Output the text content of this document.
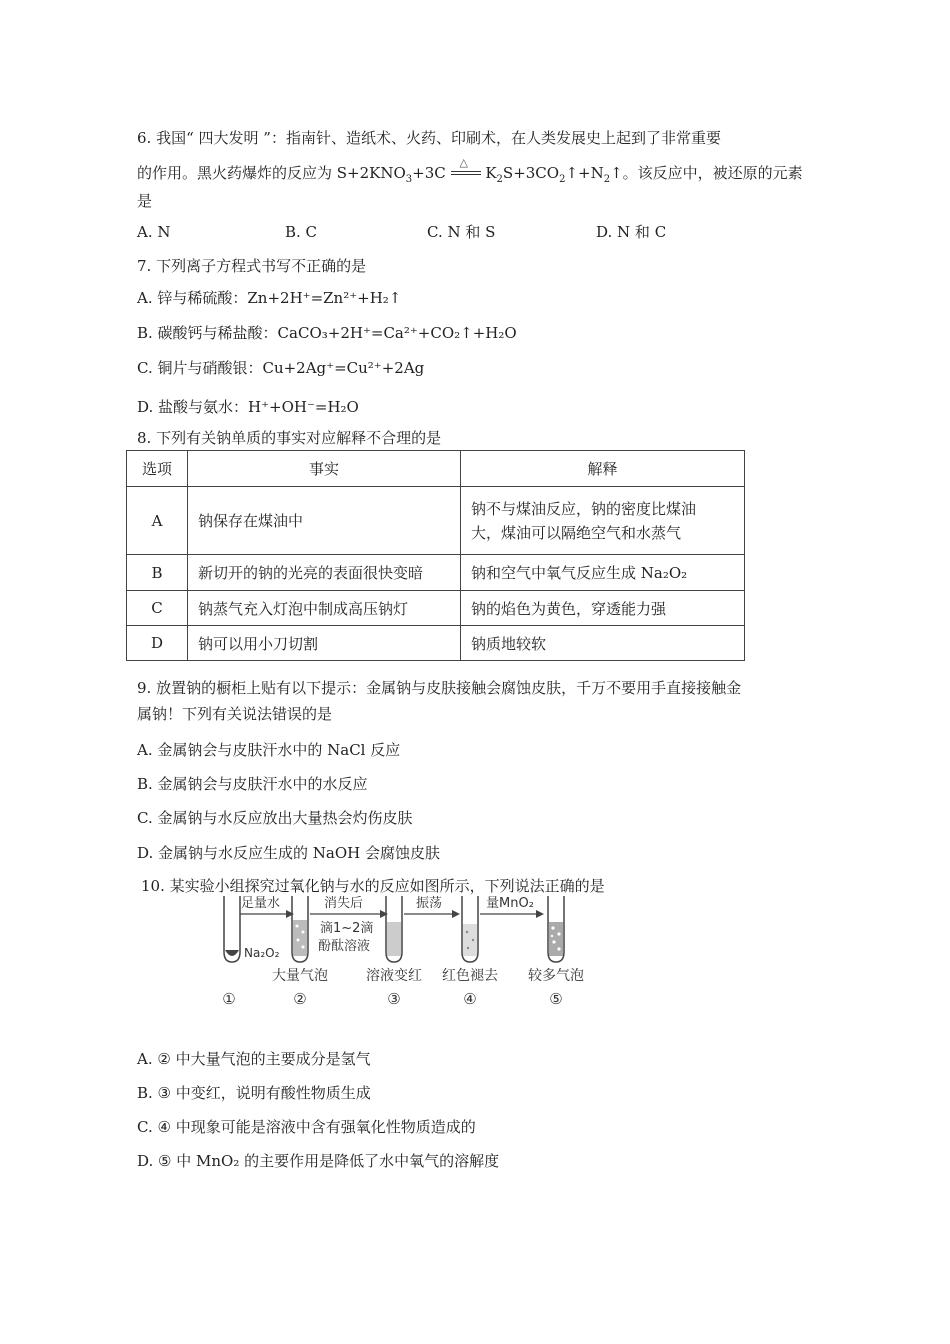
6. 我国“ 四大发明 ”：指南针、造纸术、火药、印刷术，在人类发展史上起到了非常重要
的作用。黑火药爆炸的反应为 $S+2KNO_3+3C$
△
$K_2S+3CO_2↑+N_2↑$。该反应中，被还原的元素
是
A. N	B. C	C. N 和 S	D. N 和 C
7. 下列离子方程式书写不正确的是
A. 锌与稀硫酸：Zn+2H⁺=Zn²⁺+H₂↑
B. 碳酸钙与稀盐酸：CaCO₃+2H⁺=Ca²⁺+CO₂↑+H₂O
C. 铜片与硝酸银：Cu+2Ag⁺=Cu²⁺+2Ag
D. 盐酸与氨水：H⁺+OH⁻=H₂O
8. 下列有关钠单质的事实对应解释不合理的是
选项	事实	解释
A	钠保存在煤油中	钠不与煤油反应，钠的密度比煤油
大，煤油可以隔绝空气和水蒸气

B	新切开的钠的光亮的表面很快变暗	钠和空气中氧气反应生成 Na₂O₂
C	钠蒸气充入灯泡中制成高压钠灯	钠的焰色为黄色，穿透能力强
D	钠可以用小刀切割	钠质地较软
9. 放置钠的橱柜上贴有以下提示：金属钠与皮肤接触会腐蚀皮肤，千万不要用手直接接触金
属钠！下列有关说法错误的是
A. 金属钠会与皮肤汗水中的 NaCl 反应
B. 金属钠会与皮肤汗水中的水反应
C. 金属钠与水反应放出大量热会灼伤皮肤
D. 金属钠与水反应生成的 NaOH 会腐蚀皮肤
10. 某实验小组探究过氧化钠与水的反应如图所示，下列说法正确的是
Na₂O₂
足量水	消失后
滴1~2滴
酚酞溶液
振荡	量MnO₂
大量气泡	溶液变红 红色褪去 较多气泡
①	②	③	④	⑤
A. ② 中大量气泡的主要成分是氢气
B. ③ 中变红，说明有酸性物质生成
C. ④ 中现象可能是溶液中含有强氧化性物质造成的
D. ⑤ 中 MnO₂ 的主要作用是降低了水中氧气的溶解度
